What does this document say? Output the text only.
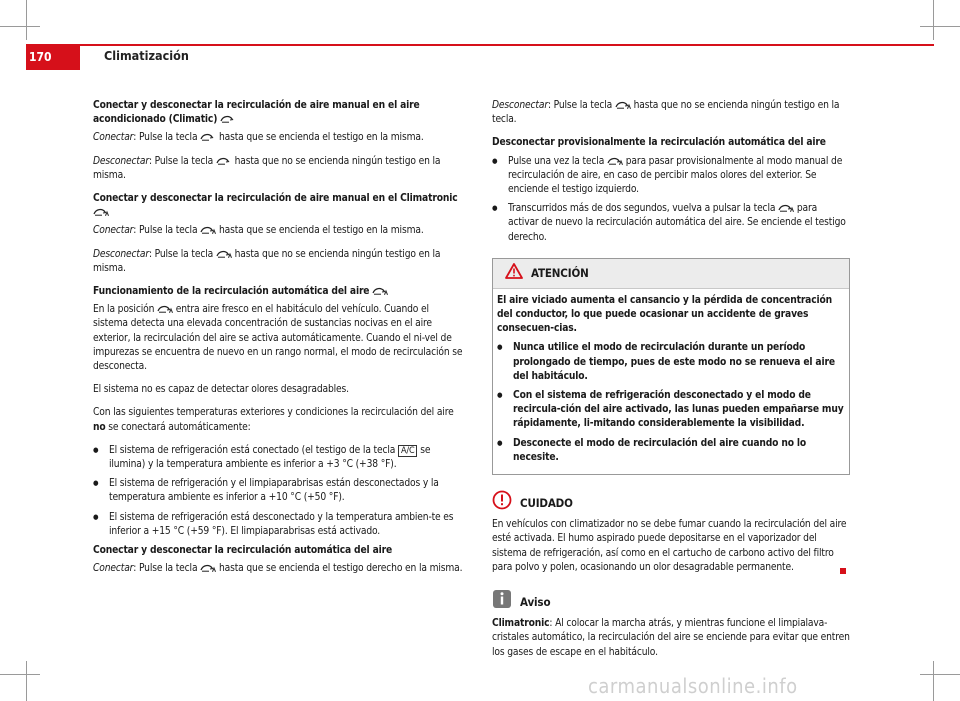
170	Climatización

Conectar y desconectar la recirculación de aire manual en el aire acondicionado (Climatic)

Conectar: Pulse la tecla
hasta que se encienda el testigo en la misma.

Desconectar: Pulse la tecla
hasta que no se encienda ningún testigo en la misma.

Conectar y desconectar la recirculación de aire manual en el Climatronic

Conectar: Pulse la tecla
hasta que se encienda el testigo en la misma.

Desconectar: Pulse la tecla
hasta que no se encienda ningún testigo en la misma.

Funcionamiento de la recirculación automática del aire

En la posición
entra aire fresco en el habitáculo del vehículo. Cuando el sistema detecta una elevada concentración de sustancias nocivas en el aire exterior, la recirculación del aire se activa automáticamente. Cuando el ni-vel de impurezas se encuentra de nuevo en un rango normal, el modo de recirculación se desconecta.

El sistema no es capaz de detectar olores desagradables.

Con las siguientes temperaturas exteriores y condiciones la recirculación del aire no se conectará automáticamente:

●
El sistema de refrigeración está conectado (el testigo de la tecla A/C se ilumina) y la temperatura ambiente es inferior a +3 °C (+38 °F).
●
El sistema de refrigeración y el limpiaparabrisas están desconectados y la temperatura ambiente es inferior a +10 °C (+50 °F).
●
El sistema de refrigeración está desconectado y la temperatura ambien-te es inferior a +15 °C (+59 °F). El limpiaparabrisas está activado.

Conectar y desconectar la recirculación automática del aire

Conectar: Pulse la tecla
hasta que se encienda el testigo derecho en la misma.

Desconectar: Pulse la tecla
hasta que no se encienda ningún testigo en la tecla.

Desconectar provisionalmente la recirculación automática del aire

●
Pulse una vez la tecla
para pasar provisionalmente al modo manual de recirculación de aire, en caso de percibir malos olores del exterior. Se enciende el testigo izquierdo.
●
Transcurridos más de dos segundos, vuelva a pulsar la tecla
para activar de nuevo la recirculación automática del aire. Se enciende el testigo derecho.
ATENCIÓN

El aire viciado aumenta el cansancio y la pérdida de concentración del conductor, lo que puede ocasionar un accidente de graves consecuen-cias.

●
Nunca utilice el modo de recirculación durante un período prolongado de tiempo, pues de este modo no se renueva el aire del habitáculo.
●
Con el sistema de refrigeración desconectado y el modo de recircula-ción del aire activado, las lunas pueden empañarse muy rápidamente, li-mitando considerablemente la visibilidad.
●
Desconecte el modo de recirculación del aire cuando no lo necesite.
CUIDADO

En vehículos con climatizador no se debe fumar cuando la recirculación del aire esté activada. El humo aspirado puede depositarse en el vaporizador del sistema de refrigeración, así como en el cartucho de carbono activo del filtro para polvo y polen, ocasionando un olor desagradable permanente.

Aviso

Climatronic: Al colocar la marcha atrás, y mientras funcione el limpialava-cristales automático, la recirculación del aire se enciende para evitar que entren los gases de escape en el habitáculo.

carmanualsonline.info
